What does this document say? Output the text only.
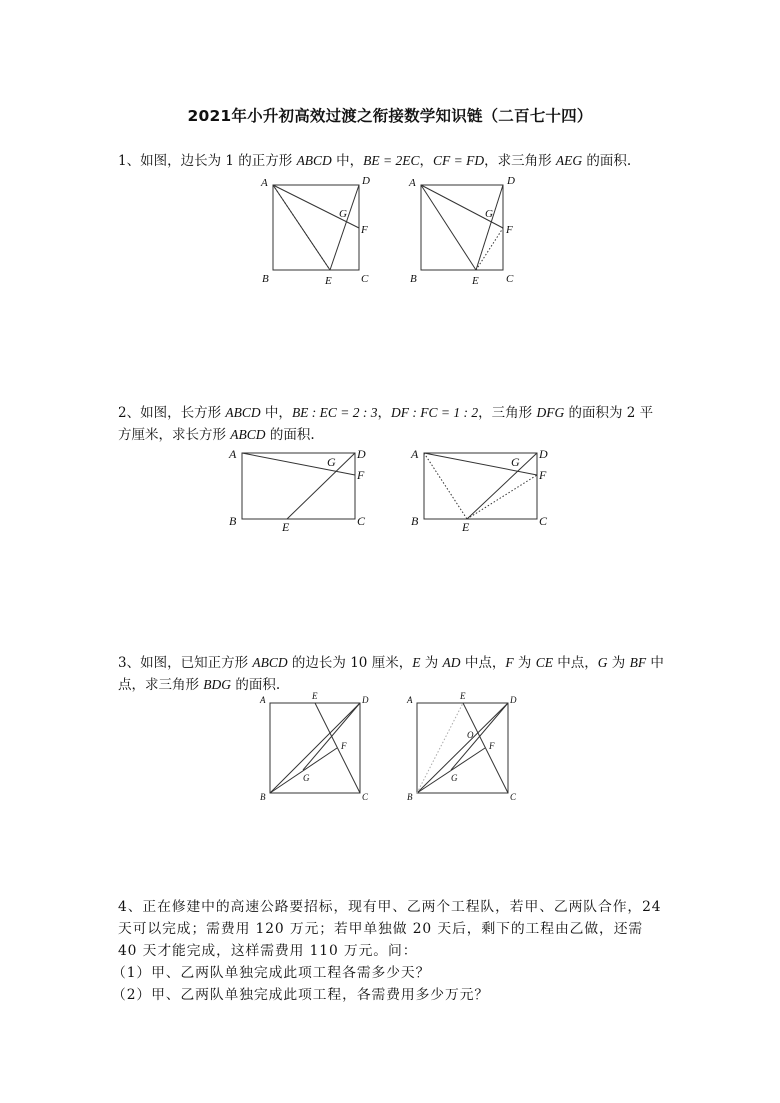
2021年小升初高效过渡之衔接数学知识链（二百七十四）
1、如图，边长为 1 的正方形 ABCD 中，BE = 2EC，CF = FD，求三角形 AEG 的面积.
A	D
G
F
B	E	C
A	D
G
F
B	E C
2、如图，长方形 ABCD 中，BE : EC = 2 : 3，DF : FC = 1 : 2，三角形 DFG 的面积为 2 平方厘米，求长方形 ABCD 的面积.
A
G
D
F
B	E	C
A
G
D
F
B	E	C
3、如图，已知正方形 ABCD 的边长为 10 厘米，E 为 AD 中点，F 为 CE 中点，G 为 BF 中点，求三角形 BDG 的面积.
A	E	D
F
G
B	C
A	E	D
O
F
G
B	C

4、正在修建中的高速公路要招标，现有甲、乙两个工程队，若甲、乙两队合作，24 天可以完成；需费用 120 万元；若甲单独做 20 天后，剩下的工程由乙做，还需 40 天才能完成，这样需费用 110 万元。问：

（1）甲、乙两队单独完成此项工程各需多少天？

（2）甲、乙两队单独完成此项工程，各需费用多少万元？
